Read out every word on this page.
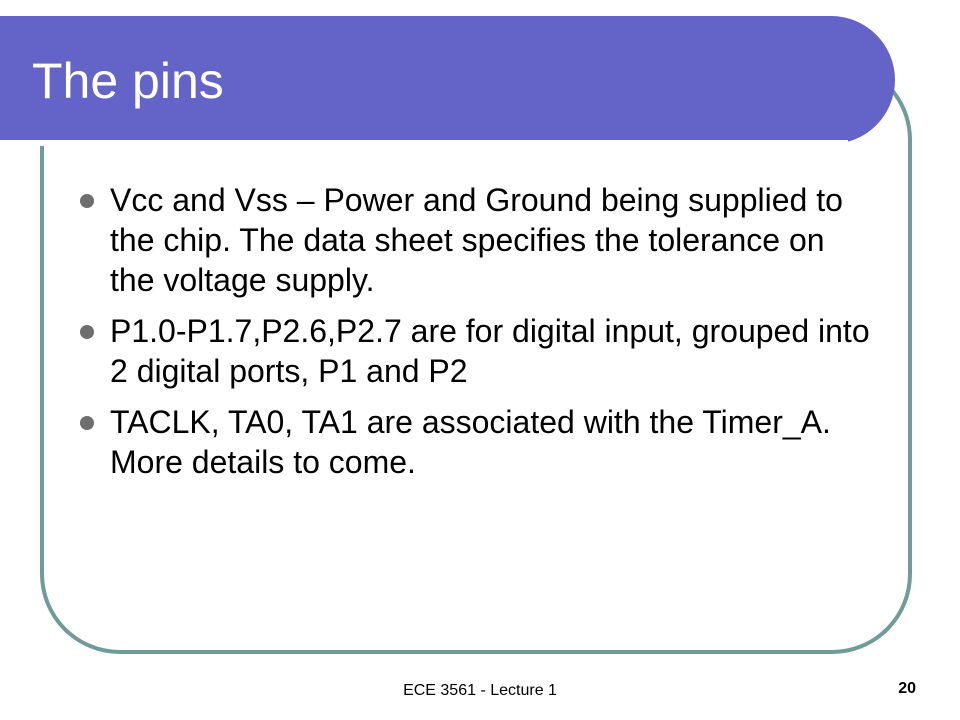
The pins
Vcc and Vss – Power and Ground being supplied to the chip. The data sheet specifies the tolerance on the voltage supply.
P1.0-P1.7,P2.6,P2.7 are for digital input, grouped into 2 digital ports, P1 and P2
TACLK, TA0, TA1 are associated with the Timer_A. More details to come.
ECE 3561 - Lecture 1	20
